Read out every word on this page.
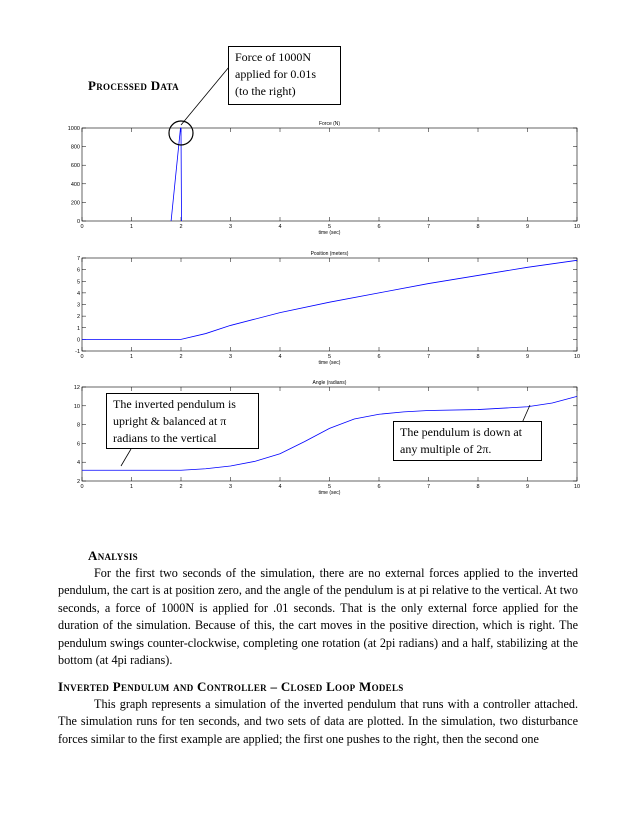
Processed Data
0	1	2	3	4	5	6	7	8	9	10
0
200
400
600
800
1000
Force (N)
time (sec)
0	1	2	3	4	5	6	7	8	9	10
-1
0
1
2
3
4
5
6
7
Position (meters)
time (sec)
0	1	2	3	4	5	6	7	8	9	10
2
4
6
8
10
12
Angle (radians)
time (sec)
Force of 1000N
applied for 0.01s
(to the right)
The inverted pendulum is
upright & balanced at π
radians to the vertical	The pendulum is down at
any multiple of 2π.
Analysis

For the first two seconds of the simulation, there are no external forces applied to the inverted pendulum, the cart is at position zero, and the angle of the pendulum is at pi relative to the vertical. At two seconds, a force of 1000N is applied for .01 seconds. That is the only external force applied for the duration of the simulation. Because of this, the cart moves in the positive direction, which is right. The pendulum swings counter-clockwise, completing one rotation (at 2pi radians) and a half, stabilizing at the bottom (at 4pi radians).

Inverted Pendulum and Controller – Closed Loop Models

This graph represents a simulation of the inverted pendulum that runs with a controller attached. The simulation runs for ten seconds, and two sets of data are plotted. In the simulation, two disturbance forces similar to the first example are applied; the first one pushes to the right, then the second one
